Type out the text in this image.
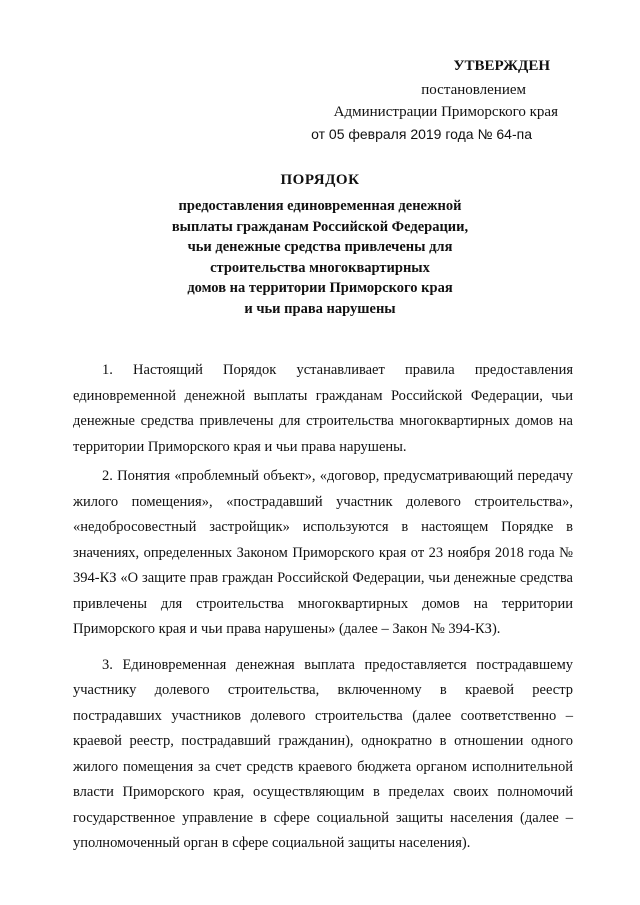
УТВЕРЖДЕН
постановлением
Администрации Приморского края
от 05 февраля 2019 года № 64-па
ПОРЯДОК
предоставления единовременная денежной
выплаты гражданам Российской Федерации,
чьи денежные средства привлечены для
строительства многоквартирных
домов на территории Приморского края
и чьи права нарушены

1. Настоящий Порядок устанавливает правила предоставления единовременной денежной выплаты гражданам Российской Федерации, чьи денежные средства привлечены для строительства многоквартирных домов на территории Приморского края и чьи права нарушены.

2. Понятия «проблемный объект», «договор, предусматривающий передачу жилого помещения», «пострадавший участник долевого строительства», «недобросовестный застройщик» используются в настоящем Порядке в значениях, определенных Законом Приморского края от 23 ноября 2018 года № 394-КЗ «О защите прав граждан Российской Федерации, чьи денежные средства привлечены для строительства многоквартирных домов на территории Приморского края и чьи права нарушены» (далее – Закон № 394-КЗ).

3. Единовременная денежная выплата предоставляется пострадавшему участнику долевого строительства, включенному в краевой реестр пострадавших участников долевого строительства (далее соответственно – краевой реестр, пострадавший гражданин), однократно в отношении одного жилого помещения за счет средств краевого бюджета органом исполнительной власти Приморского края, осуществляющим в пределах своих полномочий государственное управление в сфере социальной защиты населения (далее – уполномоченный орган в сфере социальной защиты населения).
